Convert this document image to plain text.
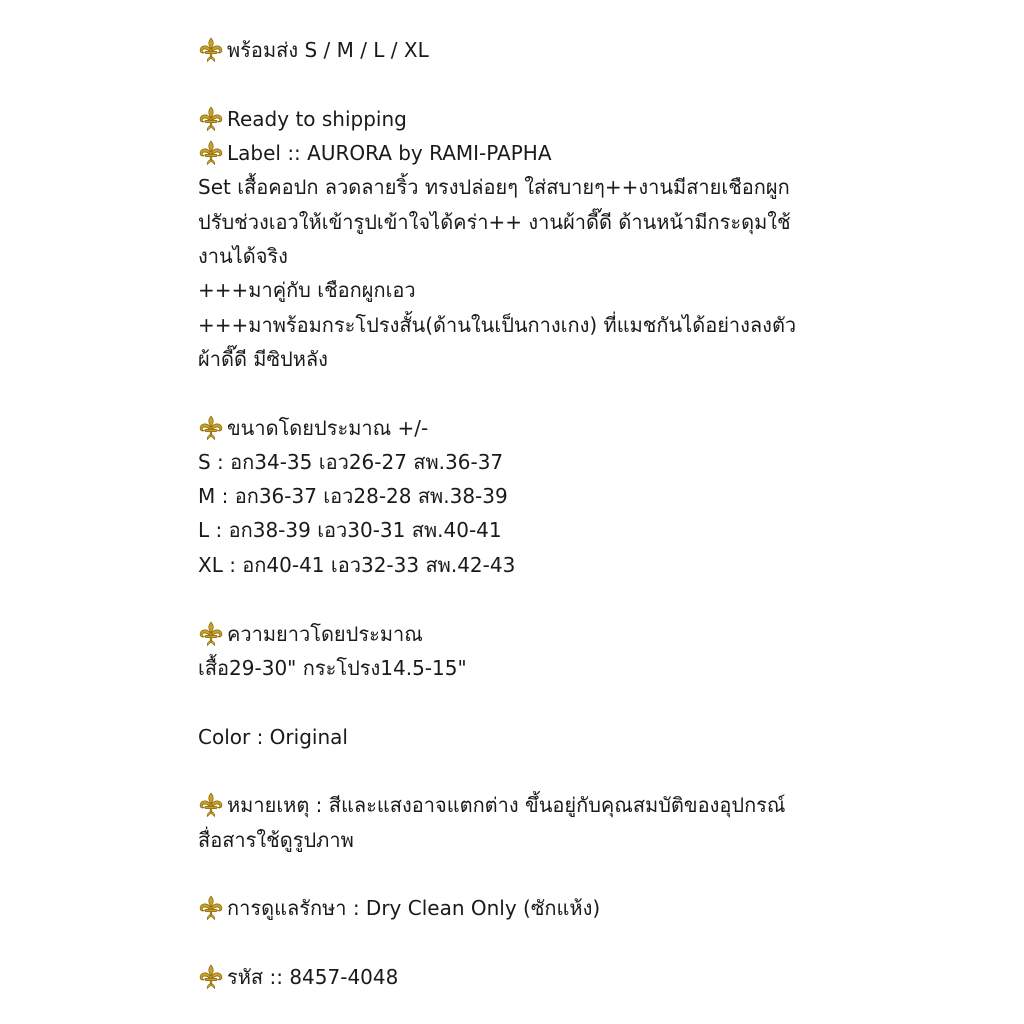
พร้อมส่ง S / M / L / XL
Ready to shipping
Label :: AURORA by RAMI-PAPHA
Set เสื้อคอปก ลวดลายริ้ว ทรงปล่อยๆ ใส่สบายๆ++งานมีสายเชือกผูก
ปรับช่วงเอวให้เข้ารูปเข้าใจได้คร่า++ งานผ้าดี๊ดี ด้านหน้ามีกระดุมใช้
งานได้จริง
+++มาคู่กับ เชือกผูกเอว
+++มาพร้อมกระโปรงสั้น(ด้านในเป็นกางเกง) ที่แมชกันได้อย่างลงตัว
ผ้าดี๊ดี มีซิปหลัง
ขนาดโดยประมาณ +/-
S : อก34-35 เอว26-27 สพ.36-37
M : อก36-37 เอว28-28 สพ.38-39
L : อก38-39 เอว30-31 สพ.40-41
XL : อก40-41 เอว32-33 สพ.42-43
ความยาวโดยประมาณ
เสื้อ29-30" กระโปรง14.5-15"
Color : Original
หมายเหตุ : สีและแสงอาจแตกต่าง ขึ้นอยู่กับคุณสมบัติของอุปกรณ์
สื่อสารใช้ดูรูปภาพ
การดูแลรักษา : Dry Clean Only (ซักแห้ง)
รหัส :: 8457-4048
